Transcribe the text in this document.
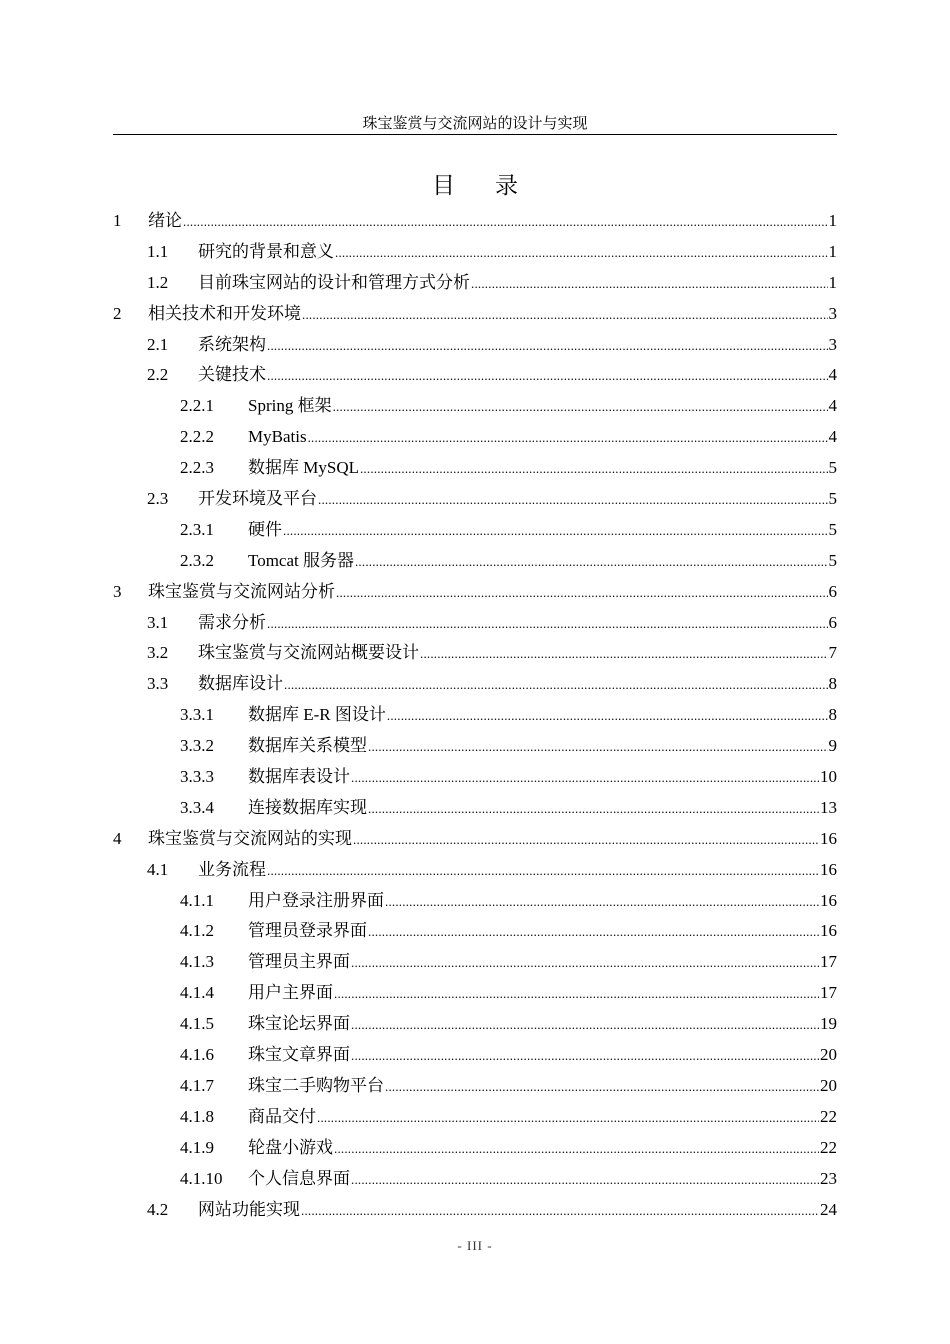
珠宝鉴赏与交流网站的设计与实现
目录
1	绪论 .....	1
1.1	研究的背景和意义 .....	1
1.2	目前珠宝网站的设计和管理方式分析 .....	1
2	相关技术和开发环境 .....	3
2.1	系统架构 .....	3
2.2	关键技术 .....	4
2.2.1	Spring 框架 .....	4
2.2.2	MyBatis .....	4
2.2.3	数据库 MySQL .....	5
2.3	开发环境及平台 .....	5
2.3.1	硬件 .....	5
2.3.2	Tomcat 服务器 .....	5
3	珠宝鉴赏与交流网站分析 .....	6
3.1	需求分析 .....	6
3.2	珠宝鉴赏与交流网站概要设计 .....	7
3.3	数据库设计 .....	8
3.3.1	数据库 E-R 图设计 .....	8
3.3.2	数据库关系模型 .....	9
3.3.3	数据库表设计 .....	10
3.3.4	连接数据库实现 .....	13
4	珠宝鉴赏与交流网站的实现 .....	16
4.1	业务流程 .....	16
4.1.1	用户登录注册界面 .....	16
4.1.2	管理员登录界面 .....	16
4.1.3	管理员主界面 .....	17
4.1.4	用户主界面 .....	17
4.1.5	珠宝论坛界面 .....	19
4.1.6	珠宝文章界面 .....	20
4.1.7	珠宝二手购物平台 .....	20
4.1.8	商品交付 .....	22
4.1.9	轮盘小游戏 .....	22
4.1.10	个人信息界面 .....	23
4.2	网站功能实现 .....	24
- III -
